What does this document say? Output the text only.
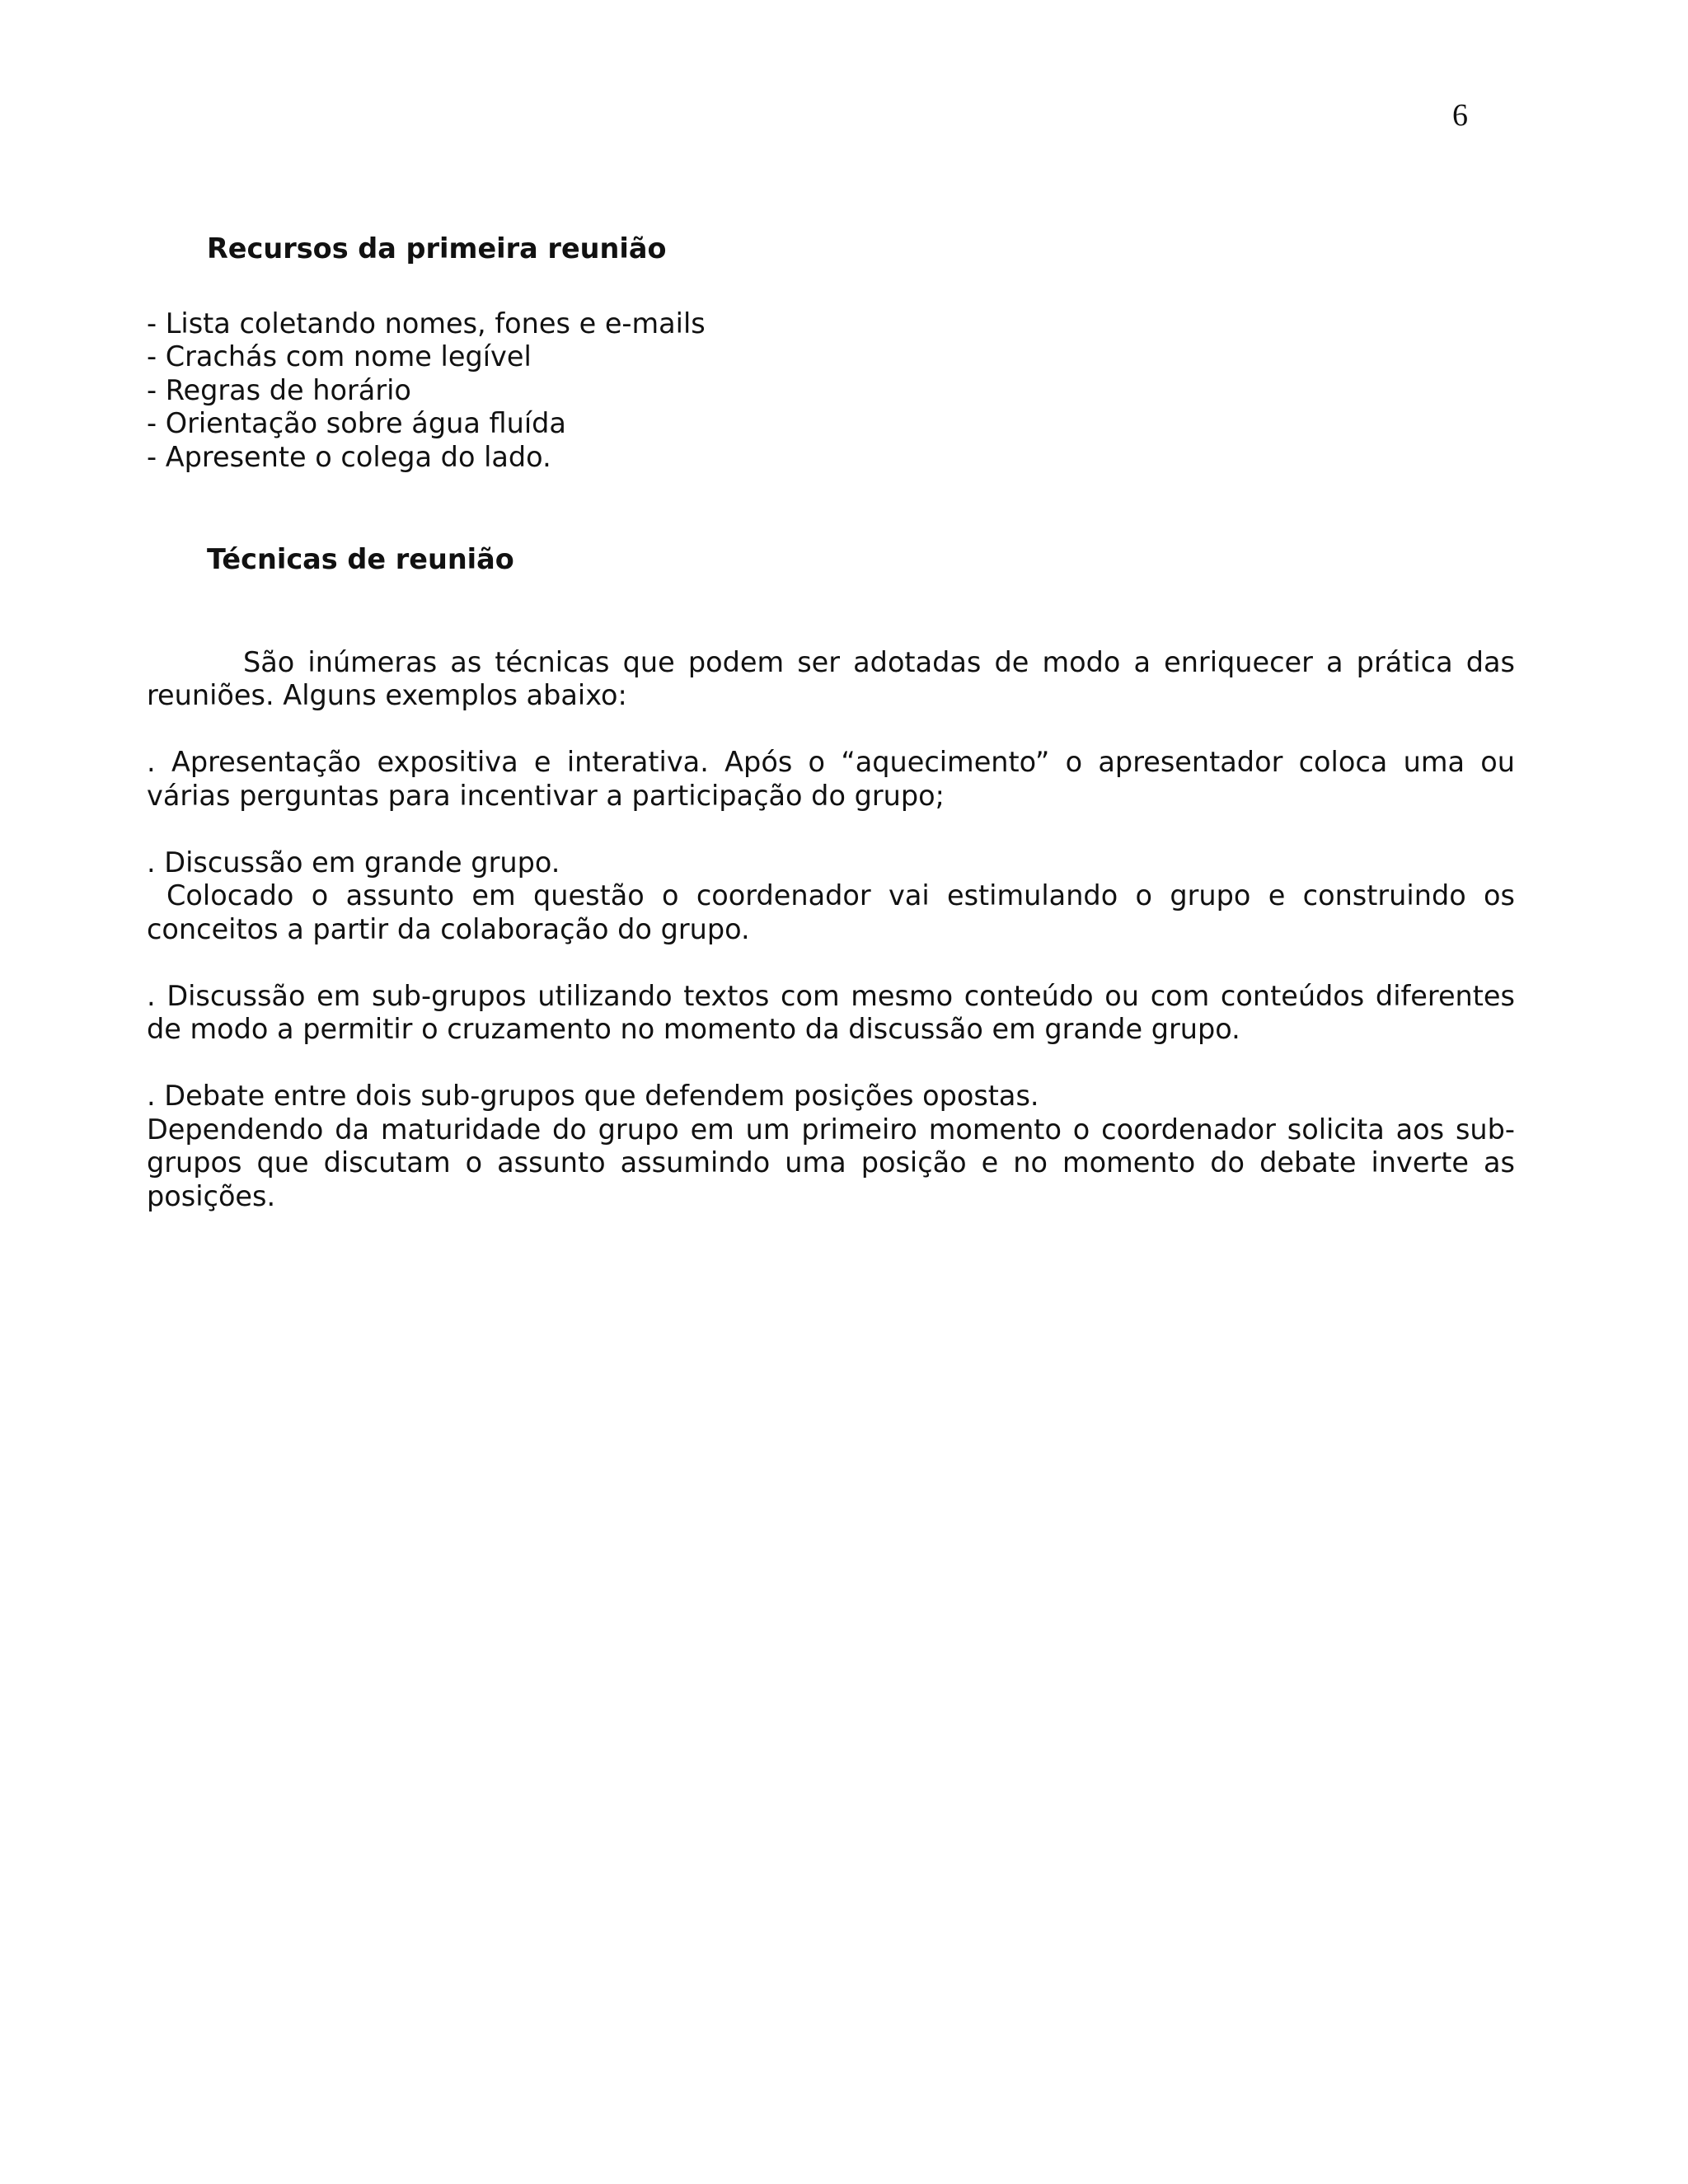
6
Recursos da primeira reunião
- Lista coletando nomes, fones e e-mails
- Crachás com nome legível
- Regras de horário
- Orientação sobre água fluída
- Apresente o colega do lado.
Técnicas de reunião

São inúmeras as técnicas que podem ser adotadas de modo a enriquecer a prática das reuniões. Alguns exemplos abaixo:

. Apresentação expositiva e interativa. Após o “aquecimento” o apresentador coloca uma ou várias perguntas para incentivar a participação do grupo;

. Discussão em grande grupo.

Colocado o assunto em questão o coordenador vai estimulando o grupo e construindo os conceitos a partir da colaboração do grupo.

. Discussão em sub-grupos utilizando textos com mesmo conteúdo ou com conteúdos diferentes de modo a permitir o cruzamento no momento da discussão em grande grupo.

. Debate entre dois sub-grupos que defendem posições opostas.

Dependendo da maturidade do grupo em um primeiro momento o coordenador solicita aos sub-grupos que discutam o assunto assumindo uma posição e no momento do debate inverte as posições.
